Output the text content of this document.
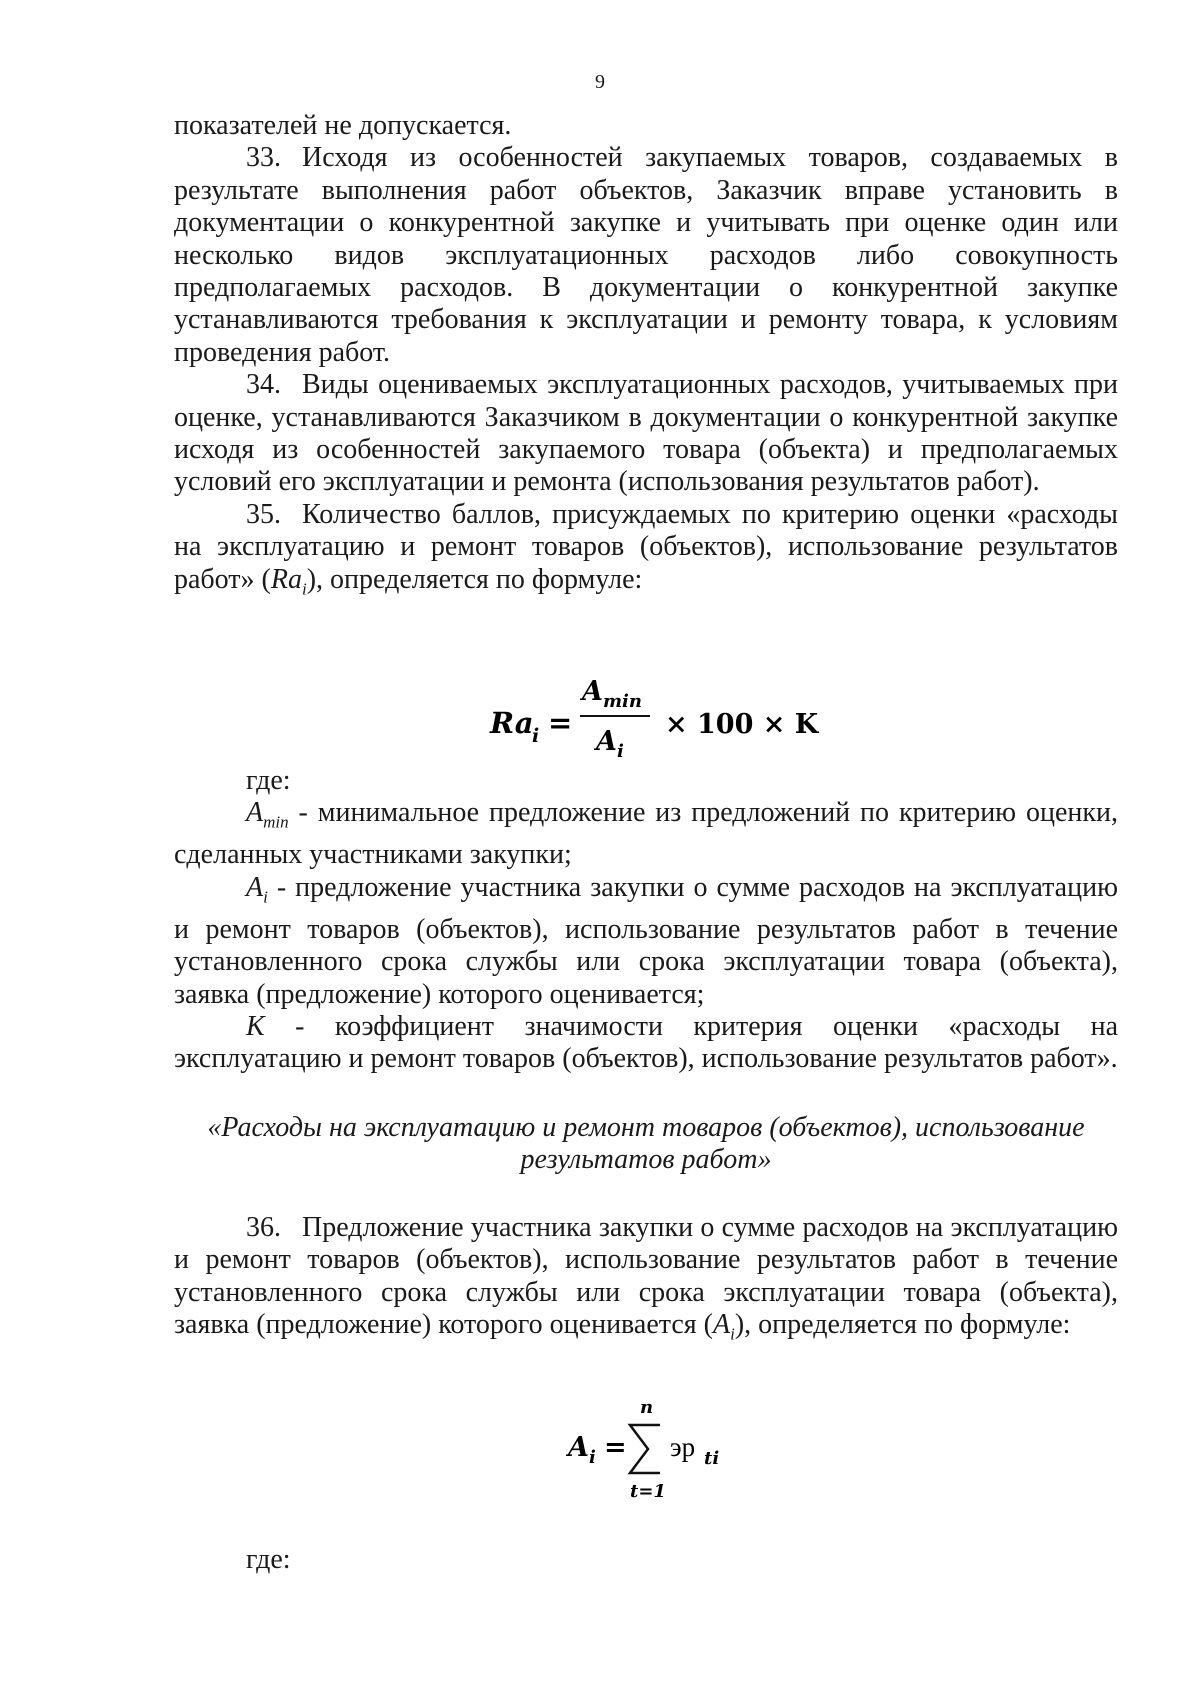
9

показателей не допускается.

33. Исходя из особенностей закупаемых товаров, создаваемых в результате выполнения работ объектов, Заказчик вправе установить в документации о конкурентной закупке и учитывать при оценке один или несколько видов эксплуатационных расходов либо совокупность предполагаемых расходов. В документации о конкурентной закупке устанавливаются требования к эксплуатации и ремонту товара, к условиям проведения работ.

34. Виды оцениваемых эксплуатационных расходов, учитываемых при оценке, устанавливаются Заказчиком в документации о конкурентной закупке исходя из особенностей закупаемого товара (объекта) и предполагаемых условий его эксплуатации и ремонта (использования результатов работ).

35. Количество баллов, присуждаемых по критерию оценки «расходы на эксплуатацию и ремонт товаров (объектов), использование результатов работ» $(Ra_i)$, определяется по формуле:

Ra
i =
A min
A i
× 100 × K

где:

$A_{min}$ - минимальное предложение из предложений по критерию оценки, сделанных участниками закупки;

$A_i$ - предложение участника закупки о сумме расходов на эксплуатацию и ремонт товаров (объектов), использование результатов работ в течение установленного срока службы или срока эксплуатации товара (объекта), заявка (предложение) которого оценивается;

K - коэффициент значимости критерия оценки «расходы на эксплуатацию и ремонт товаров (объектов), использование результатов работ».

«Расходы на эксплуатацию и ремонт товаров (объектов), использование
результатов работ»

36. Предложение участника закупки о сумме расходов на эксплуатацию и ремонт товаров (объектов), использование результатов работ в течение установленного срока службы или срока эксплуатации товара (объекта), заявка (предложение) которого оценивается $(A_i)$, определяется по формуле:

A i =
n
t=1
эр ti

где:
